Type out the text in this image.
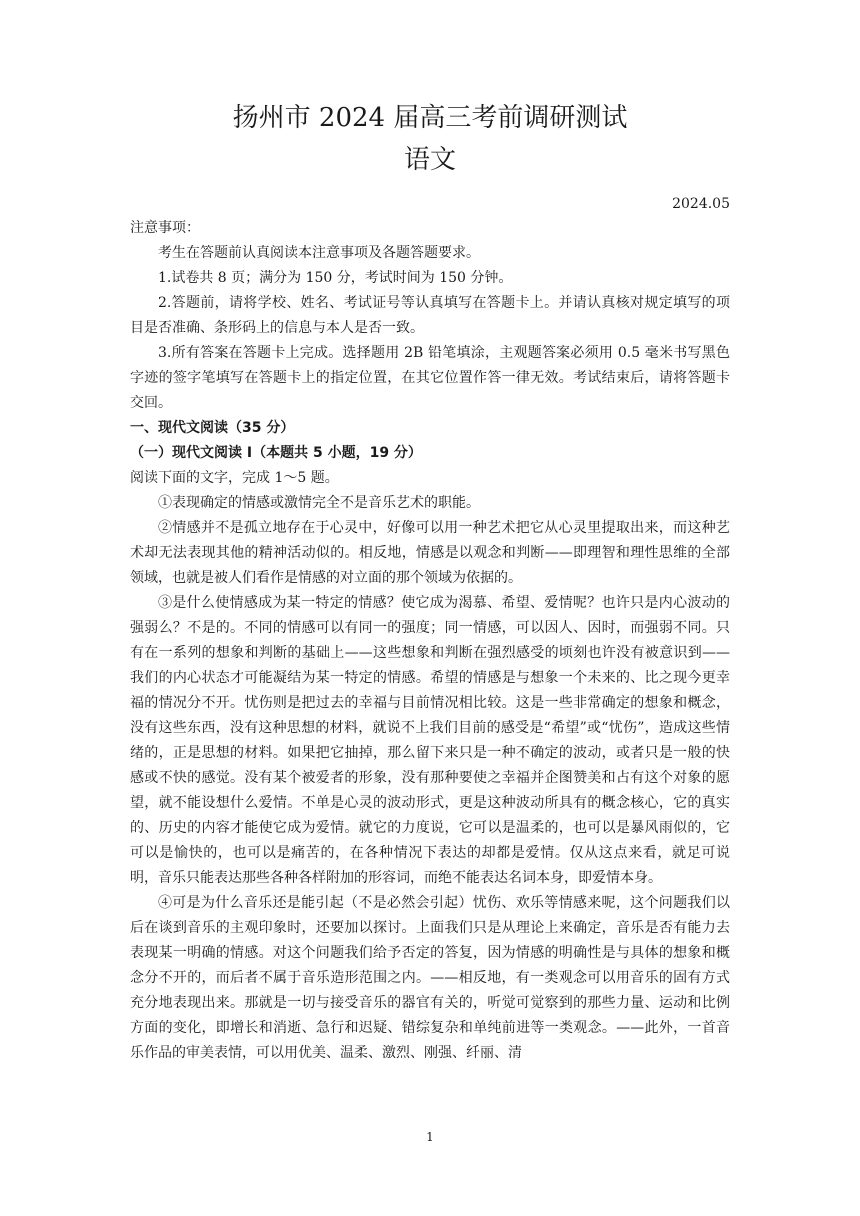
扬州市 2024 届高三考前调研测试
语文
2024.05

注意事项：

考生在答题前认真阅读本注意事项及各题答题要求。

1.试卷共 8 页；满分为 150 分，考试时间为 150 分钟。

2.答题前，请将学校、姓名、考试证号等认真填写在答题卡上。并请认真核对规定填写的项目是否准确、条形码上的信息与本人是否一致。

3.所有答案在答题卡上完成。选择题用 2B 铅笔填涂，主观题答案必须用 0.5 毫米书写黑色字迹的签字笔填写在答题卡上的指定位置，在其它位置作答一律无效。考试结束后，请将答题卡交回。

一、现代文阅读（35 分）

（一）现代文阅读 I（本题共 5 小题，19 分）

阅读下面的文字，完成 1～5 题。

①表现确定的情感或激情完全不是音乐艺术的职能。

②情感并不是孤立地存在于心灵中，好像可以用一种艺术把它从心灵里提取出来，而这种艺术却无法表现其他的精神活动似的。相反地，情感是以观念和判断——即理智和理性思维的全部领域，也就是被人们看作是情感的对立面的那个领域为依据的。

③是什么使情感成为某一特定的情感？使它成为渴慕、希望、爱情呢？也许只是内心波动的强弱么？不是的。不同的情感可以有同一的强度；同一情感，可以因人、因时，而强弱不同。只有在一系列的想象和判断的基础上——这些想象和判断在强烈感受的顷刻也许没有被意识到——我们的内心状态才可能凝结为某一特定的情感。希望的情感是与想象一个未来的、比之现今更幸福的情况分不开。忧伤则是把过去的幸福与目前情况相比较。这是一些非常确定的想象和概念，没有这些东西，没有这种思想的材料，就说不上我们目前的感受是“希望”或“忧伤”，造成这些情绪的，正是思想的材料。如果把它抽掉，那么留下来只是一种不确定的波动，或者只是一般的快感或不快的感觉。没有某个被爱者的形象，没有那种要使之幸福并企图赞美和占有这个对象的愿望，就不能设想什么爱情。不单是心灵的波动形式，更是这种波动所具有的概念核心，它的真实的、历史的内容才能使它成为爱情。就它的力度说，它可以是温柔的，也可以是暴风雨似的，它可以是愉快的，也可以是痛苦的，在各种情况下表达的却都是爱情。仅从这点来看，就足可说明，音乐只能表达那些各种各样附加的形容词，而绝不能表达名词本身，即爱情本身。

④可是为什么音乐还是能引起（不是必然会引起）忧伤、欢乐等情感来呢，这个问题我们以后在谈到音乐的主观印象时，还要加以探讨。上面我们只是从理论上来确定，音乐是否有能力去表现某一明确的情感。对这个问题我们给予否定的答复，因为情感的明确性是与具体的想象和概念分不开的，而后者不属于音乐造形范围之内。——相反地，有一类观念可以用音乐的固有方式充分地表现出来。那就是一切与接受音乐的器官有关的，听觉可觉察到的那些力量、运动和比例方面的变化，即增长和消逝、急行和迟疑、错综复杂和单纯前进等一类观念。——此外，一首音乐作品的审美表情，可以用优美、温柔、激烈、刚强、纤丽、清

1
